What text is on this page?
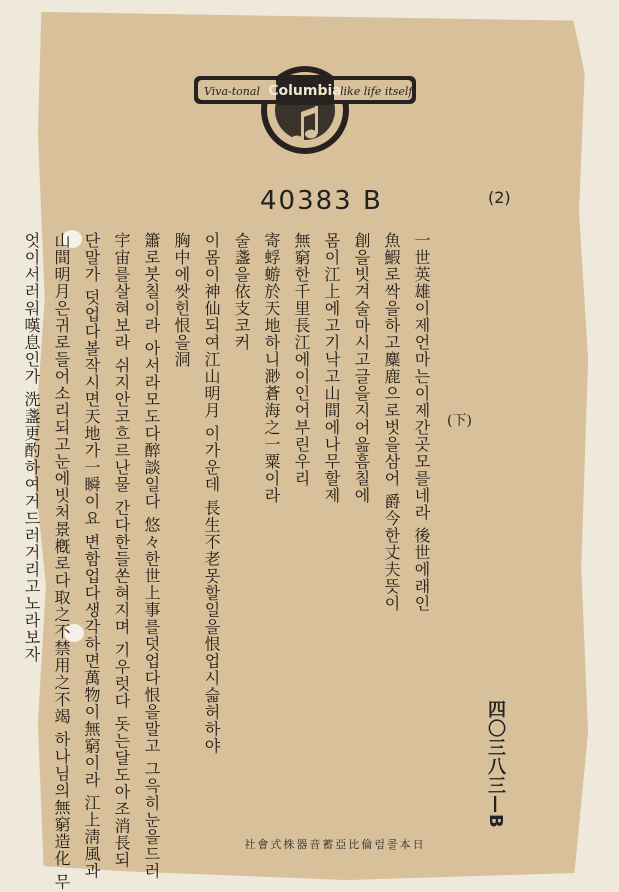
Columbia
Viva-tonal	like life itself
40383 B	(2)
(下)
四〇三八三—B
一世英雄이제언마는이제간곳모를네라 後世에래인
魚鰕로싹을하고麋鹿으로벗을삼어 爵今한丈夫뜻이
創을빗겨술마시고글을지어읊흠칠에
몸이江上에고기낙고山間에나무할제
無窮한千里長江에이인어부린우리
寄蜉蝣於天地하니渺蒼海之一粟이라
술盞을依支코커
이몸이神仙되여江山明月 이가운데 長生不老못할일을恨업시슯허하야
胸中에쌋힌恨을洞
簫로붓칠이라 아서라모도다醉談일다 悠々한世上事를덧업다恨을말고 그윽히눈을드러
宇宙를살혀보라 쉬지안코흐르난물 간다한들쏜혀지며 기우럿다 돗는달도아조消長되
단말가 덧업다볼작시면天地가一瞬이요 변함업다생각하면萬物이無窮이라 江上淸風과
山間明月은귀로들어소리되고눈에빗처景槪로다取之不禁用之不竭 하나님의無窮造化 무
엇이서러워嘆息인가 洗盞更酌하여거드러거리고노라보자
社會式株器音蓄亞比倫럼콜本日
